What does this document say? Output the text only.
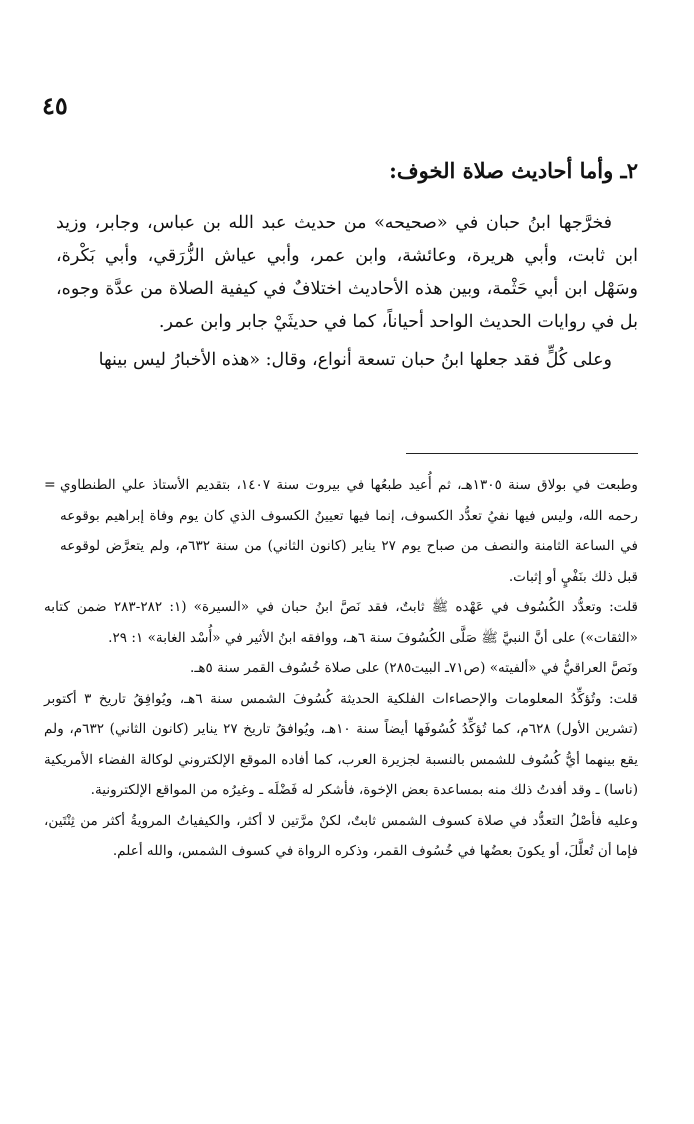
٤٥
٢ـ وأما أحاديث صلاة الخوف:

فخرَّجها ابنُ حبان في «صحيحه» من حديث عبد الله بن عباس، وجابر، وزيد ابن ثابت، وأبي هريرة، وعائشة، وابن عمر، وأبي عياش الزُّرَقي، وأبي بَكْرة، وسَهْل ابن أبي حَثْمة، وبين هذه الأحاديث اختلافٌ في كيفية الصلاة من عدَّة وجوه، بل في روايات الحديث الواحد أحياناً، كما في حديثَيْ جابر وابن عمر.

وعلى كُلٍّ فقد جعلها ابنُ حبان تسعة أنواع، وقال: «هذه الأخبارُ ليس بينها

= وطبعت في بولاق سنة ١٣٠٥هـ، ثم أُعيد طبعُها في بيروت سنة ١٤٠٧، بتقديم الأستاذ علي الطنطاوي رحمه الله، وليس فيها نفيُ تعدُّد الكسوف، إنما فيها تعيينُ الكسوف الذي كان يوم وفاة إبراهيم بوقوعه في الساعة الثامنة والنصف من صباح يوم ٢٧ يناير (كانون الثاني) من سنة ٦٣٢م، ولم يتعرَّض لوقوعه قبل ذلك بنَفْيٍ أو إثبات.

قلت: وتعدُّد الكُسُوف في عَهْده ﷺ ثابتٌ، فقد نَصَّ ابنُ حبان في «السيرة» (١: ٢٨٢-٢٨٣ ضمن كتابه «الثقات») على أنَّ النبيَّ ﷺ صَلَّى الكُسُوفَ سنة ٦هـ، ووافقه ابنُ الأثير في «أُسْد الغابة» ١: ٢٩.

ونَصَّ العراقيُّ في «ألفيته» (ص٧١ـ البيت٢٨٥) على صلاة خُسُوف القمر سنة ٥هـ.

قلت: وتُؤكِّدُ المعلومات والإحصاءات الفلكية الحديثة كُسُوفَ الشمس سنة ٦هـ، ويُوافِقُ تاريخ ٣ أكتوبر (تشرين الأول) ٦٢٨م، كما تُؤكِّدُ كُسُوفَها أيضاً سنة ١٠هـ، ويُوافقُ تاريخ ٢٧ يناير (كانون الثاني) ٦٣٢م، ولم يقع بينهما أيُّ كُسُوف للشمس بالنسبة لجزيرة العرب، كما أفاده الموقع الإلكتروني لوكالة الفضاء الأمريكية (ناسا) ـ وقد أفدتُ ذلك منه بمساعدة بعض الإخوة، فأشكر له فَضْلَه ـ وغيرُه من المواقع الإلكترونية.

وعليه فأصْلُ التعدُّد في صلاة كسوف الشمس ثابتٌ، لكنْ مرَّتين لا أكثر، والكيفياتُ المرويةُ أكثر من ثِنْتَين، فإما أن تُعلَّلَ، أو يكونَ بعضُها في خُسُوف القمر، وذكره الرواة في كسوف الشمس، والله أعلم.
